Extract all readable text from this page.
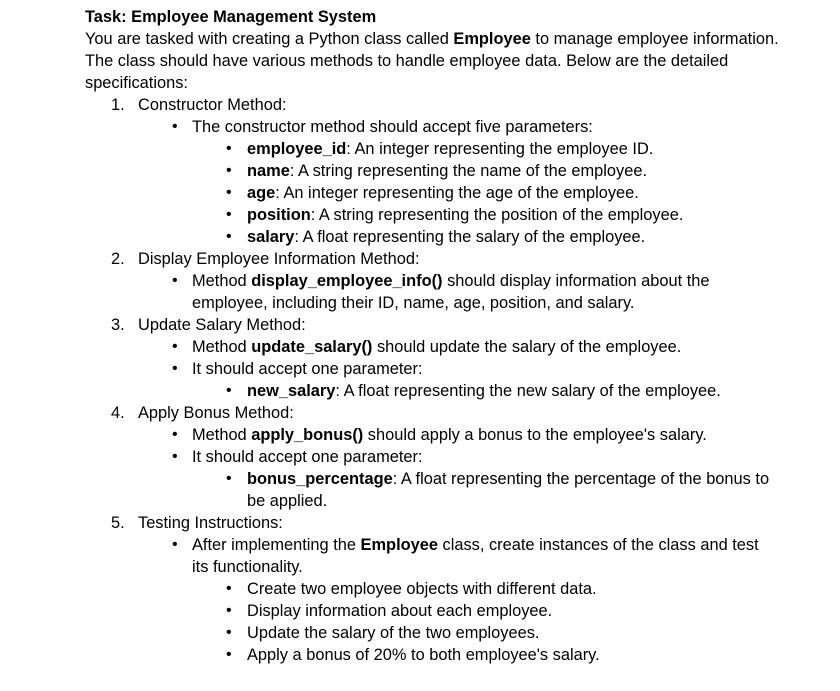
Task: Employee Management System

You are tasked with creating a Python class called Employee to manage employee information. The class should have various methods to handle employee data. Below are the detailed specifications:

1. Constructor Method:
• The constructor method should accept five parameters:
• employee_id: An integer representing the employee ID.
• name: A string representing the name of the employee.
• age: An integer representing the age of the employee.
• position: A string representing the position of the employee.
• salary: A float representing the salary of the employee.
2. Display Employee Information Method:
• Method display_employee_info() should display information about the employee, including their ID, name, age, position, and salary.
3. Update Salary Method:
• Method update_salary() should update the salary of the employee.
• It should accept one parameter:
• new_salary: A float representing the new salary of the employee.
4. Apply Bonus Method:
• Method apply_bonus() should apply a bonus to the employee's salary.
• It should accept one parameter:
• bonus_percentage: A float representing the percentage of the bonus to be applied.
5. Testing Instructions:
• After implementing the Employee class, create instances of the class and test its functionality.
• Create two employee objects with different data.
• Display information about each employee.
• Update the salary of the two employees.
• Apply a bonus of 20% to both employee's salary.
